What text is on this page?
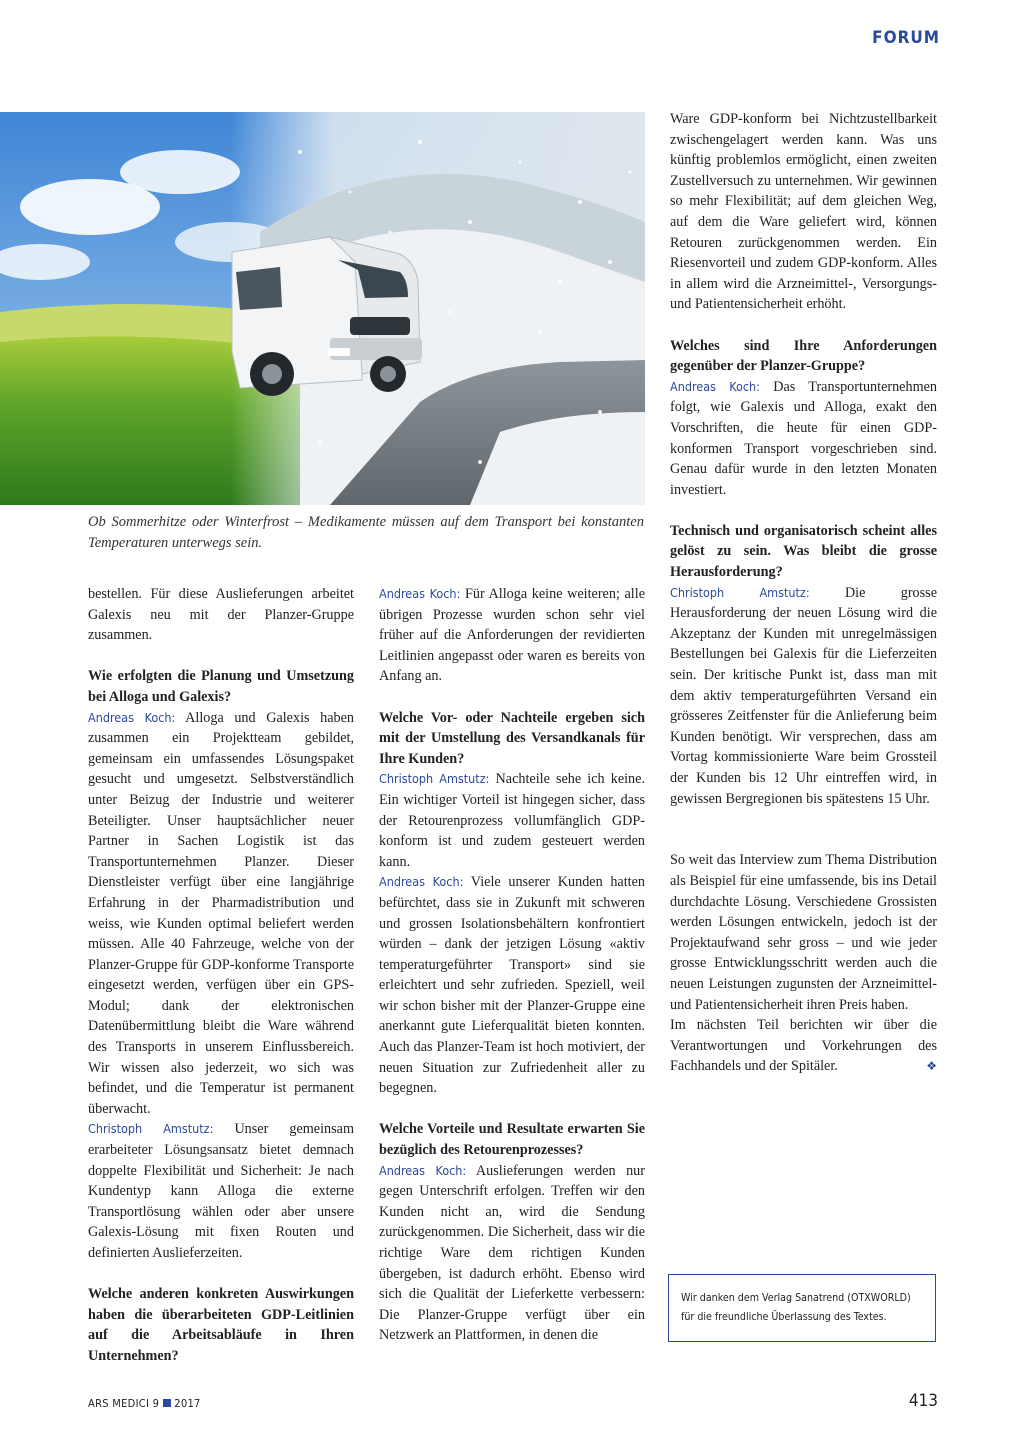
FORUM
Ob Sommerhitze oder Winterfrost – Medikamente müssen auf dem Transport bei konstanten Temperaturen unterwegs sein.

bestellen. Für diese Auslieferungen arbeitet Galexis neu mit der Planzer-Gruppe zusammen.

Wie erfolgten die Planung und Umsetzung bei Alloga und Galexis?

Andreas Koch: Alloga und Galexis haben zusammen ein Projektteam gebildet, gemeinsam ein umfassendes Lösungspaket gesucht und umgesetzt. Selbstverständlich unter Beizug der Industrie und weiterer Beteiligter. Unser hauptsächlicher neuer Partner in Sachen Logistik ist das Transportunternehmen Planzer. Dieser Dienstleister verfügt über eine langjährige Erfahrung in der Pharmadistribution und weiss, wie Kunden optimal beliefert werden müssen. Alle 40 Fahrzeuge, welche von der Planzer-Gruppe für GDP-konforme Transporte eingesetzt werden, verfügen über ein GPS-Modul; dank der elektronischen Datenübermittlung bleibt die Ware während des Transports in unserem Einflussbereich. Wir wissen also jederzeit, wo sich was befindet, und die Temperatur ist permanent überwacht.

Christoph Amstutz: Unser gemeinsam erarbeiteter Lösungsansatz bietet demnach doppelte Flexibilität und Sicherheit: Je nach Kundentyp kann Alloga die externe Transportlösung wählen oder aber unsere Galexis-Lösung mit fixen Routen und definierten Auslieferzeiten.

Welche anderen konkreten Auswirkungen haben die überarbeiteten GDP-Leitlinien auf die Arbeitsabläufe in Ihren Unternehmen?

Andreas Koch: Für Alloga keine weiteren; alle übrigen Prozesse wurden schon sehr viel früher auf die Anforderungen der revidierten Leitlinien angepasst oder waren es bereits von Anfang an.

Welche Vor- oder Nachteile ergeben sich mit der Umstellung des Versandkanals für Ihre Kunden?

Christoph Amstutz: Nachteile sehe ich keine. Ein wichtiger Vorteil ist hingegen sicher, dass der Retourenprozess vollumfänglich GDP-konform ist und zudem gesteuert werden kann.

Andreas Koch: Viele unserer Kunden hatten befürchtet, dass sie in Zukunft mit schweren und grossen Isolationsbehältern konfrontiert würden – dank der jetzigen Lösung «aktiv temperaturgeführter Transport» sind sie erleichtert und sehr zufrieden. Speziell, weil wir schon bisher mit der Planzer-Gruppe eine anerkannt gute Lieferqualität bieten konnten. Auch das Planzer-Team ist hoch motiviert, der neuen Situation zur Zufriedenheit aller zu begegnen.

Welche Vorteile und Resultate erwarten Sie bezüglich des Retourenprozesses?

Andreas Koch: Auslieferungen werden nur gegen Unterschrift erfolgen. Treffen wir den Kunden nicht an, wird die Sendung zurückgenommen. Die Sicherheit, dass wir die richtige Ware dem richtigen Kunden übergeben, ist dadurch erhöht. Ebenso wird sich die Qualität der Lieferkette verbessern: Die Planzer-Gruppe verfügt über ein Netzwerk an Plattformen, in denen die

Ware GDP-konform bei Nichtzustellbarkeit zwischengelagert werden kann. Was uns künftig problemlos ermöglicht, einen zweiten Zustellversuch zu unternehmen. Wir gewinnen so mehr Flexibilität; auf dem gleichen Weg, auf dem die Ware geliefert wird, können Retouren zurückgenommen werden. Ein Riesenvorteil und zudem GDP-konform. Alles in allem wird die Arzneimittel-, Versorgungs- und Patientensicherheit erhöht.

Welches sind Ihre Anforderungen gegenüber der Planzer-Gruppe?

Andreas Koch: Das Transportunternehmen folgt, wie Galexis und Alloga, exakt den Vorschriften, die heute für einen GDP-konformen Transport vorgeschrieben sind. Genau dafür wurde in den letzten Monaten investiert.

Technisch und organisatorisch scheint alles gelöst zu sein. Was bleibt die grosse Herausforderung?

Christoph Amstutz: Die grosse Herausforderung der neuen Lösung wird die Akzeptanz der Kunden mit unregelmässigen Bestellungen bei Galexis für die Lieferzeiten sein. Der kritische Punkt ist, dass man mit dem aktiv temperaturgeführten Versand ein grösseres Zeitfenster für die Anlieferung beim Kunden benötigt. Wir versprechen, dass am Vortag kommissionierte Ware beim Grossteil der Kunden bis 12 Uhr eintreffen wird, in gewissen Bergregionen bis spätestens 15 Uhr.

So weit das Interview zum Thema Distribution als Beispiel für eine umfassende, bis ins Detail durchdachte Lösung. Verschiedene Grossisten werden Lösungen entwickeln, jedoch ist der Projektaufwand sehr gross – und wie jeder grosse Entwicklungsschritt werden auch die neuen Leistungen zugunsten der Arzneimittel- und Patientensicherheit ihren Preis haben.

Im nächsten Teil berichten wir über die Verantwortungen und Vorkehrungen des Fachhandels und der Spitäler.	❖

Wir danken dem Verlag Sanatrend (OTXWORLD)
für die freundliche Überlassung des Textes.
ARS MEDICI 9 2017	413
